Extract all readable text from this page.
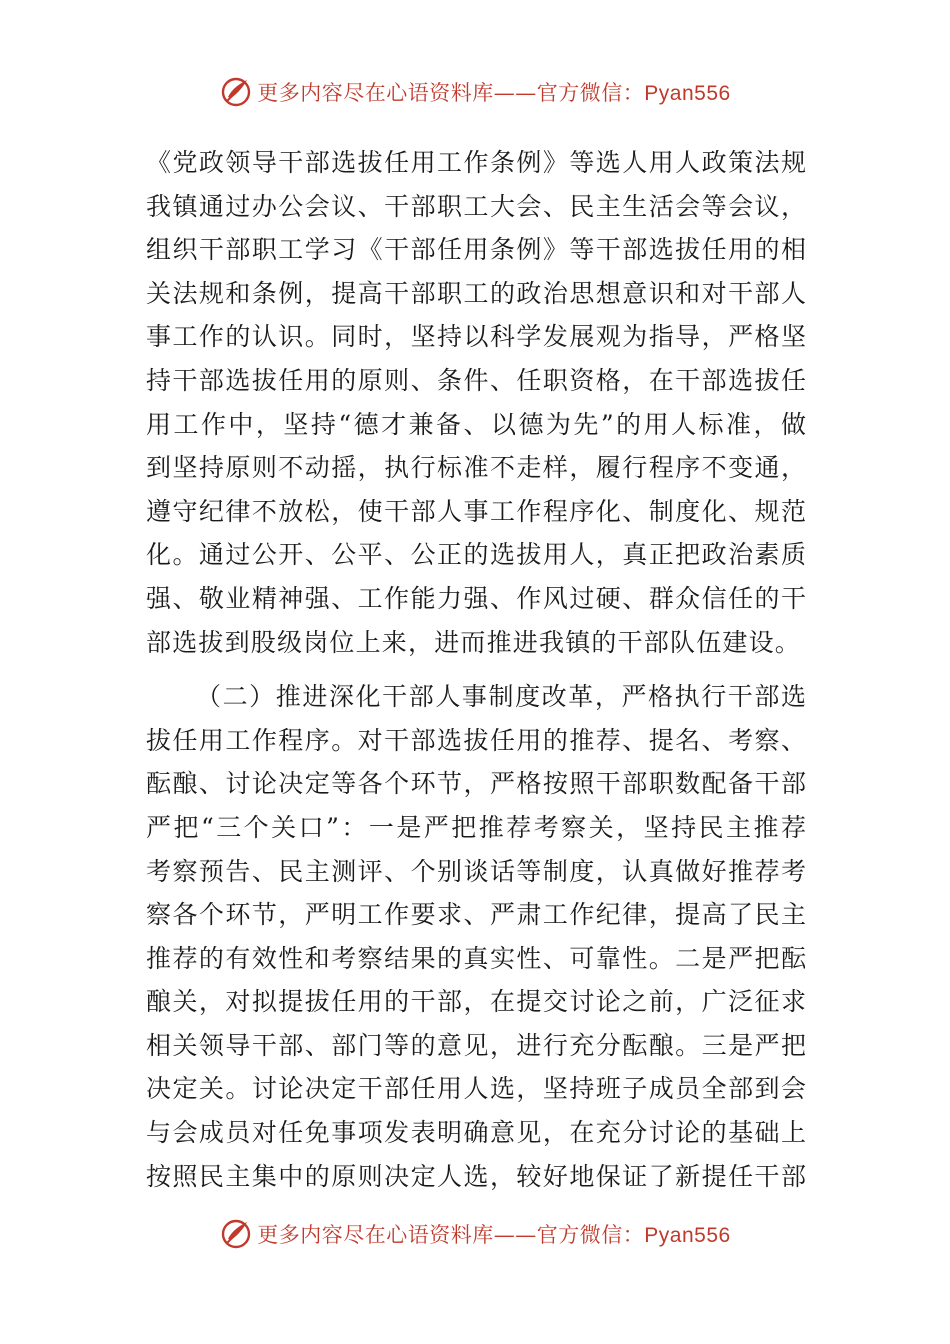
更多内容尽在心语资料库——官方微信：Pyan556
《党政领导干部选拔任用工作条例》等选人用人政策法规
我镇通过办公会议、干部职工大会、民主生活会等会议，
组织干部职工学习《干部任用条例》等干部选拔任用的相
关法规和条例，提高干部职工的政治思想意识和对干部人
事工作的认识。同时，坚持以科学发展观为指导，严格坚
持干部选拔任用的原则、条件、任职资格，在干部选拔任
用工作中，坚持“德才兼备、以德为先”的用人标准，做
到坚持原则不动摇，执行标准不走样，履行程序不变通，
遵守纪律不放松，使干部人事工作程序化、制度化、规范
化。通过公开、公平、公正的选拔用人，真正把政治素质
强、敬业精神强、工作能力强、作风过硬、群众信任的干
部选拔到股级岗位上来，进而推进我镇的干部队伍建设。
（二）推进深化干部人事制度改革，严格执行干部选
拔任用工作程序。对干部选拔任用的推荐、提名、考察、
酝酿、讨论决定等各个环节，严格按照干部职数配备干部
严把“三个关口”：一是严把推荐考察关，坚持民主推荐
考察预告、民主测评、个别谈话等制度，认真做好推荐考
察各个环节，严明工作要求、严肃工作纪律，提高了民主
推荐的有效性和考察结果的真实性、可靠性。二是严把酝
酿关，对拟提拔任用的干部，在提交讨论之前，广泛征求
相关领导干部、部门等的意见，进行充分酝酿。三是严把
决定关。讨论决定干部任用人选，坚持班子成员全部到会
与会成员对任免事项发表明确意见，在充分讨论的基础上
按照民主集中的原则决定人选，较好地保证了新提任干部
更多内容尽在心语资料库——官方微信：Pyan556
